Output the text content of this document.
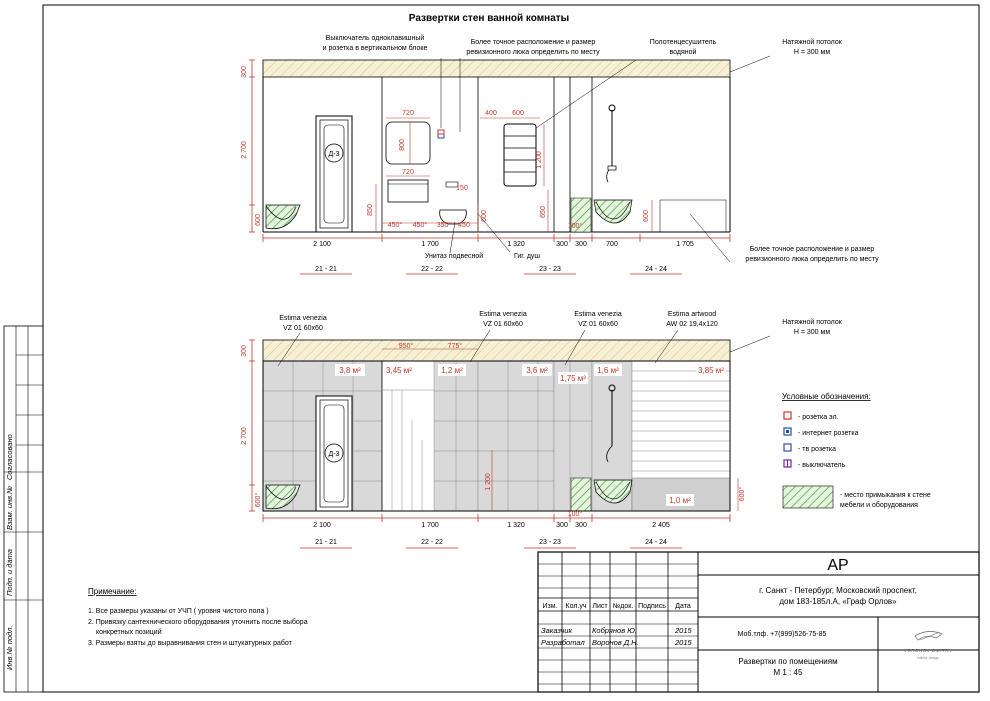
Согласовано
Взам. инв.№
Подп. и дата
Инв.№ подл.
Развертки стен ванной комнаты
Д-3
300
2 700
600
720
720
800
850
450° 450° 350° 450
150
600
400 600
1 200
650
100°
600
2 100	1 700	1 320	300 300	700	1 705
Выключатель одноклавишный
и розетка в вертикальном блоке
Более точное расположение и размер
ревизионного люка определить по месту
Полотенцесушитель
водяной
Натяжной потолок
H = 300 мм
Унитаз подвесной	Гиг. душ
Более точное расположение и размер
ревизионного люка определить по месту
21 - 21	22 - 22	23 - 23	24 - 24
Д-3
3,8 м²	3,45 м²	1,2 м²	3,6 м²
1,75 м²
1,6 м²	3,85 м²
1,0 м²
300
2 700
600°
950°	775°
1 200
600°
100°
2 100	1 700	1 320	300 300	2 405
Estima venezia
VZ 01 60x60
Estima venezia
VZ 01 60x60
Estima venezia
VZ 01 60x60
Estima artwood
AW 02 19,4x120	Натяжной потолок
H = 300 мм
21 - 21	22 - 22	23 - 23	24 - 24
Условные обозначения:
- розетка эл.
- интернет розетка
- тв розетка
- выключатель
- место примыкания к стене
мебели и оборудования
Примечание:
1. Все размеры указаны от УЧП ( уровня чистого пола )
2. Привязку сантехнического оборудования уточнить после выбора
конкретных позиций
3. Размеры взяты до выравнивания стен и штукатурных работ
АР
г. Санкт - Петербург, Московский проспект,
дом 183-185л.А, «Граф Орлов»
Изм. Кол.уч Лист №док. Подпись Дата
Заказчик	Кобрянов Ю.	2015
Разработал Воронов Д.Н.	2015
Моб.тлф. +7(999)526-75-85
Развертки по помещениям
М 1 : 45
VORONOV DMITRY
interior design
